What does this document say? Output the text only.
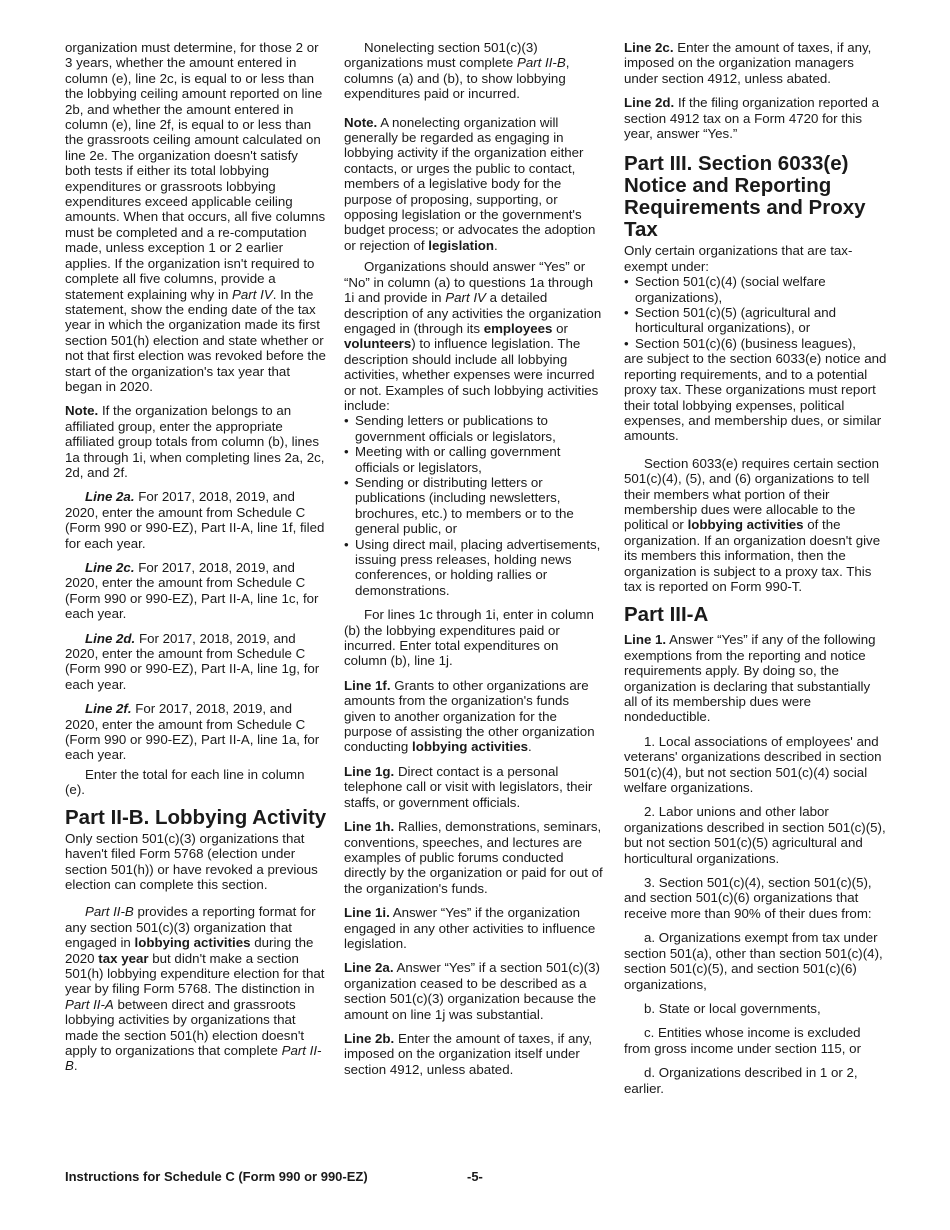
organization must determine, for those 2 or 3 years, whether the amount entered in column (e), line 2c, is equal to or less than the lobbying ceiling amount reported on line 2b, and whether the amount entered in column (e), line 2f, is equal to or less than the grassroots ceiling amount calculated on line 2e. The organization doesn't satisfy both tests if either its total lobbying expenditures or grassroots lobbying expenditures exceed applicable ceiling amounts. When that occurs, all five columns must be completed and a re-computation made, unless exception 1 or 2 earlier applies. If the organization isn't required to complete all five columns, provide a statement explaining why in Part IV. In the statement, show the ending date of the tax year in which the organization made its first section 501(h) election and state whether or not that first election was revoked before the start of the organization's tax year that began in 2020.

Note. If the organization belongs to an affiliated group, enter the appropriate affiliated group totals from column (b), lines 1a through 1i, when completing lines 2a, 2c, 2d, and 2f.

Line 2a. For 2017, 2018, 2019, and 2020, enter the amount from Schedule C (Form 990 or 990-EZ), Part II-A, line 1f, filed for each year.

Line 2c. For 2017, 2018, 2019, and 2020, enter the amount from Schedule C (Form 990 or 990-EZ), Part II-A, line 1c, for each year.

Line 2d. For 2017, 2018, 2019, and 2020, enter the amount from Schedule C (Form 990 or 990-EZ), Part II-A, line 1g, for each year.

Line 2f. For 2017, 2018, 2019, and 2020, enter the amount from Schedule C (Form 990 or 990-EZ), Part II-A, line 1a, for each year.

Enter the total for each line in column (e).

Part II-B. Lobbying Activity

Only section 501(c)(3) organizations that haven't filed Form 5768 (election under section 501(h)) or have revoked a previous election can complete this section.

Part II-B provides a reporting format for any section 501(c)(3) organization that engaged in lobbying activities during the 2020 tax year but didn't make a section 501(h) lobbying expenditure election for that year by filing Form 5768. The distinction in Part II-A between direct and grassroots lobbying activities by organizations that made the section 501(h) election doesn't apply to organizations that complete Part II-B.

Nonelecting section 501(c)(3) organizations must complete Part II-B, columns (a) and (b), to show lobbying expenditures paid or incurred.

Note. A nonelecting organization will generally be regarded as engaging in lobbying activity if the organization either contacts, or urges the public to contact, members of a legislative body for the purpose of proposing, supporting, or opposing legislation or the government's budget process; or advocates the adoption or rejection of legislation.

Organizations should answer “Yes” or “No” in column (a) to questions 1a through 1i and provide in Part IV a detailed description of any activities the organization engaged in (through its employees or volunteers) to influence legislation. The description should include all lobbying activities, whether expenses were incurred or not. Examples of such lobbying activities include:

• Sending letters or publications to government officials or legislators,
• Meeting with or calling government officials or legislators,
• Sending or distributing letters or publications (including newsletters, brochures, etc.) to members or to the general public, or
• Using direct mail, placing advertisements, issuing press releases, holding news conferences, or holding rallies or demonstrations.

For lines 1c through 1i, enter in column (b) the lobbying expenditures paid or incurred. Enter total expenditures on column (b), line 1j.

Line 1f. Grants to other organizations are amounts from the organization's funds given to another organization for the purpose of assisting the other organization conducting lobbying activities.

Line 1g. Direct contact is a personal telephone call or visit with legislators, their staffs, or government officials.

Line 1h. Rallies, demonstrations, seminars, conventions, speeches, and lectures are examples of public forums conducted directly by the organization or paid for out of the organization's funds.

Line 1i. Answer “Yes” if the organization engaged in any other activities to influence legislation.

Line 2a. Answer “Yes” if a section 501(c)(3) organization ceased to be described as a section 501(c)(3) organization because the amount on line 1j was substantial.

Line 2b. Enter the amount of taxes, if any, imposed on the organization itself under section 4912, unless abated.

Line 2c. Enter the amount of taxes, if any, imposed on the organization managers under section 4912, unless abated.

Line 2d. If the filing organization reported a section 4912 tax on a Form 4720 for this year, answer “Yes.”

Part III. Section 6033(e) Notice and Reporting Requirements and Proxy Tax

Only certain organizations that are tax-exempt under:

• Section 501(c)(4) (social welfare organizations),
• Section 501(c)(5) (agricultural and horticultural organizations), or
• Section 501(c)(6) (business leagues),

are subject to the section 6033(e) notice and reporting requirements, and to a potential proxy tax. These organizations must report their total lobbying expenses, political expenses, and membership dues, or similar amounts.

Section 6033(e) requires certain section 501(c)(4), (5), and (6) organizations to tell their members what portion of their membership dues were allocable to the political or lobbying activities of the organization. If an organization doesn't give its members this information, then the organization is subject to a proxy tax. This tax is reported on Form 990-T.

Part III-A

Line 1. Answer “Yes” if any of the following exemptions from the reporting and notice requirements apply. By doing so, the organization is declaring that substantially all of its membership dues were nondeductible.

1. Local associations of employees' and veterans' organizations described in section 501(c)(4), but not section 501(c)(4) social welfare organizations.

2. Labor unions and other labor organizations described in section 501(c)(5), but not section 501(c)(5) agricultural and horticultural organizations.

3. Section 501(c)(4), section 501(c)(5), and section 501(c)(6) organizations that receive more than 90% of their dues from:

a. Organizations exempt from tax under section 501(a), other than section 501(c)(4), section 501(c)(5), and section 501(c)(6) organizations,

b. State or local governments,

c. Entities whose income is excluded from gross income under section 115, or

d. Organizations described in 1 or 2, earlier.

Instructions for Schedule C (Form 990 or 990-EZ)	-5-
